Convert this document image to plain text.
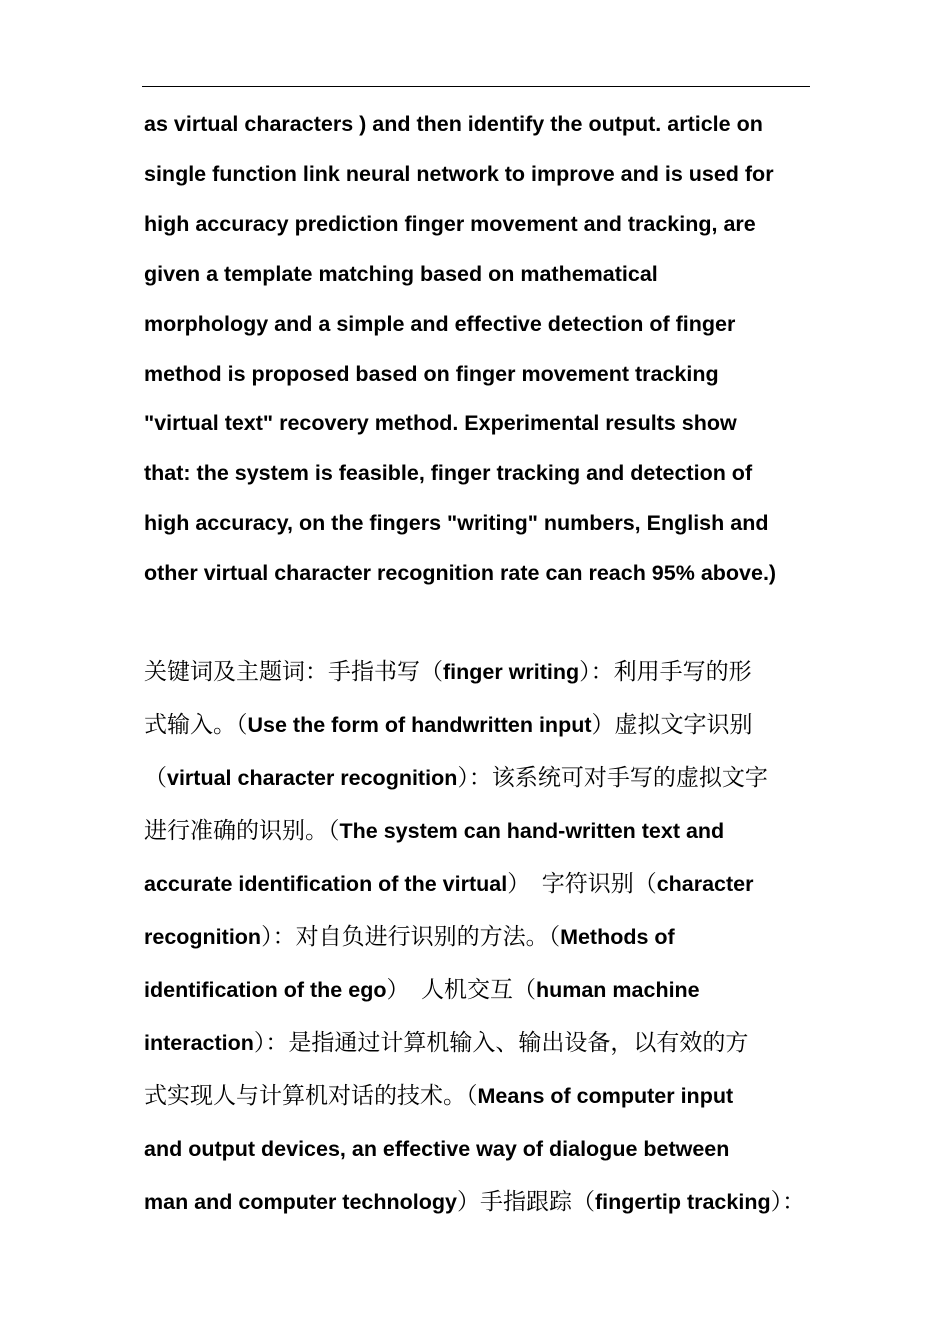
as virtual characters ) and then identify the output. article on
single function link neural network to improve and is used for
high accuracy prediction finger movement and tracking, are
given a template matching based on mathematical
morphology and a simple and effective detection of finger
method is proposed based on finger movement tracking
"virtual text" recovery method. Experimental results show
that: the system is feasible, finger tracking and detection of
high accuracy, on the fingers "writing" numbers, English and
other virtual character recognition rate can reach 95% above.)
关键词及主题词：手指书写（finger writing）：利用手写的形
式输入。（Use the form of handwritten input）虚拟文字识别
（virtual character recognition）：该系统可对手写的虚拟文字
进行准确的识别。（The system can hand-written text and
accurate identification of the virtual）　字符识别（character
recognition）：对自负进行识别的方法。（Methods of
identification of the ego）　人机交互（human machine
interaction）：是指通过计算机输入、输出设备，以有效的方
式实现人与计算机对话的技术。（Means of computer input
and output devices, an effective way of dialogue between
man and computer technology）手指跟踪（fingertip tracking）：
